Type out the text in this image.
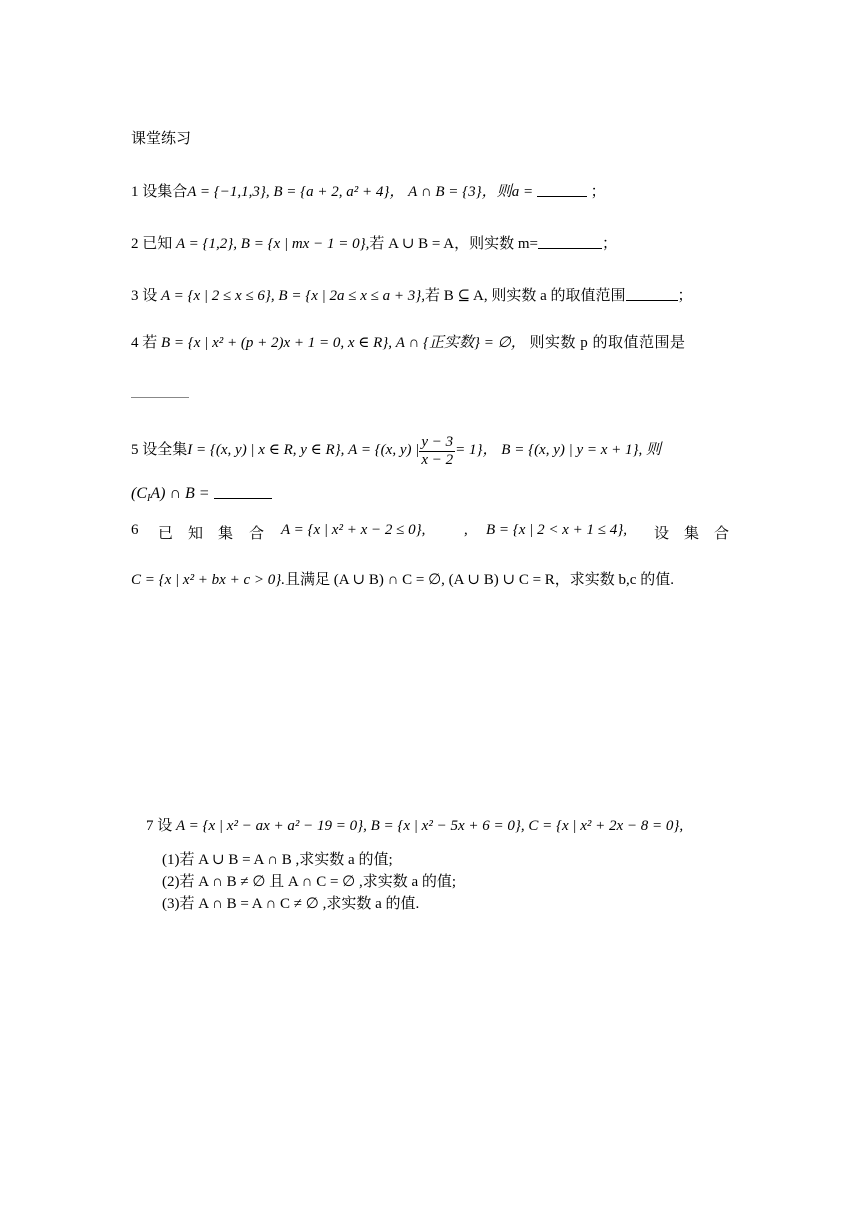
课堂练习
1 设集合A = {−1,1,3}, B = {a + 2, a² + 4}， A ∩ B = {3}，则a =	；
2 已知 A = {1,2}, B = {x | mx − 1 = 0},若 A ∪ B = A，则实数 m=	；
3 设 A = {x | 2 ≤ x ≤ 6}, B = {x | 2a ≤ x ≤ a + 3},若 B ⊆ A, 则实数 a 的取值范围	；
4 若 B = {x | x² + (p + 2)x + 1 = 0, x ∈ R}, A ∩ {正实数} = ∅， 则实数 p 的取值范围是
5 设全集I = {(x, y) | x ∈ R, y ∈ R}, A = {(x, y) | $\frac{y - 3}{x - 2} = 1$}， B = {(x, y) | y = x + 1}, 则
$(C_IA)$ ∩ B =
6 已 知 集 合 A = {x | x² + x − 2 ≤ 0},	, B = {x | 2 < x + 1 ≤ 4}, 设 集 合
C = {x | x² + bx + c > 0}.且满足 (A ∪ B) ∩ C = ∅, (A ∪ B) ∪ C = R，求实数 b,c 的值.
7 设 A = {x | x² − ax + a² − 19 = 0}, B = {x | x² − 5x + 6 = 0}, C = {x | x² + 2x − 8 = 0},
(1)若 A ∪ B = A ∩ B ,求实数 a 的值;
(2)若 A ∩ B ≠ ∅ 且 A ∩ C = ∅ ,求实数 a 的值;
(3)若 A ∩ B = A ∩ C ≠ ∅ ,求实数 a 的值.
